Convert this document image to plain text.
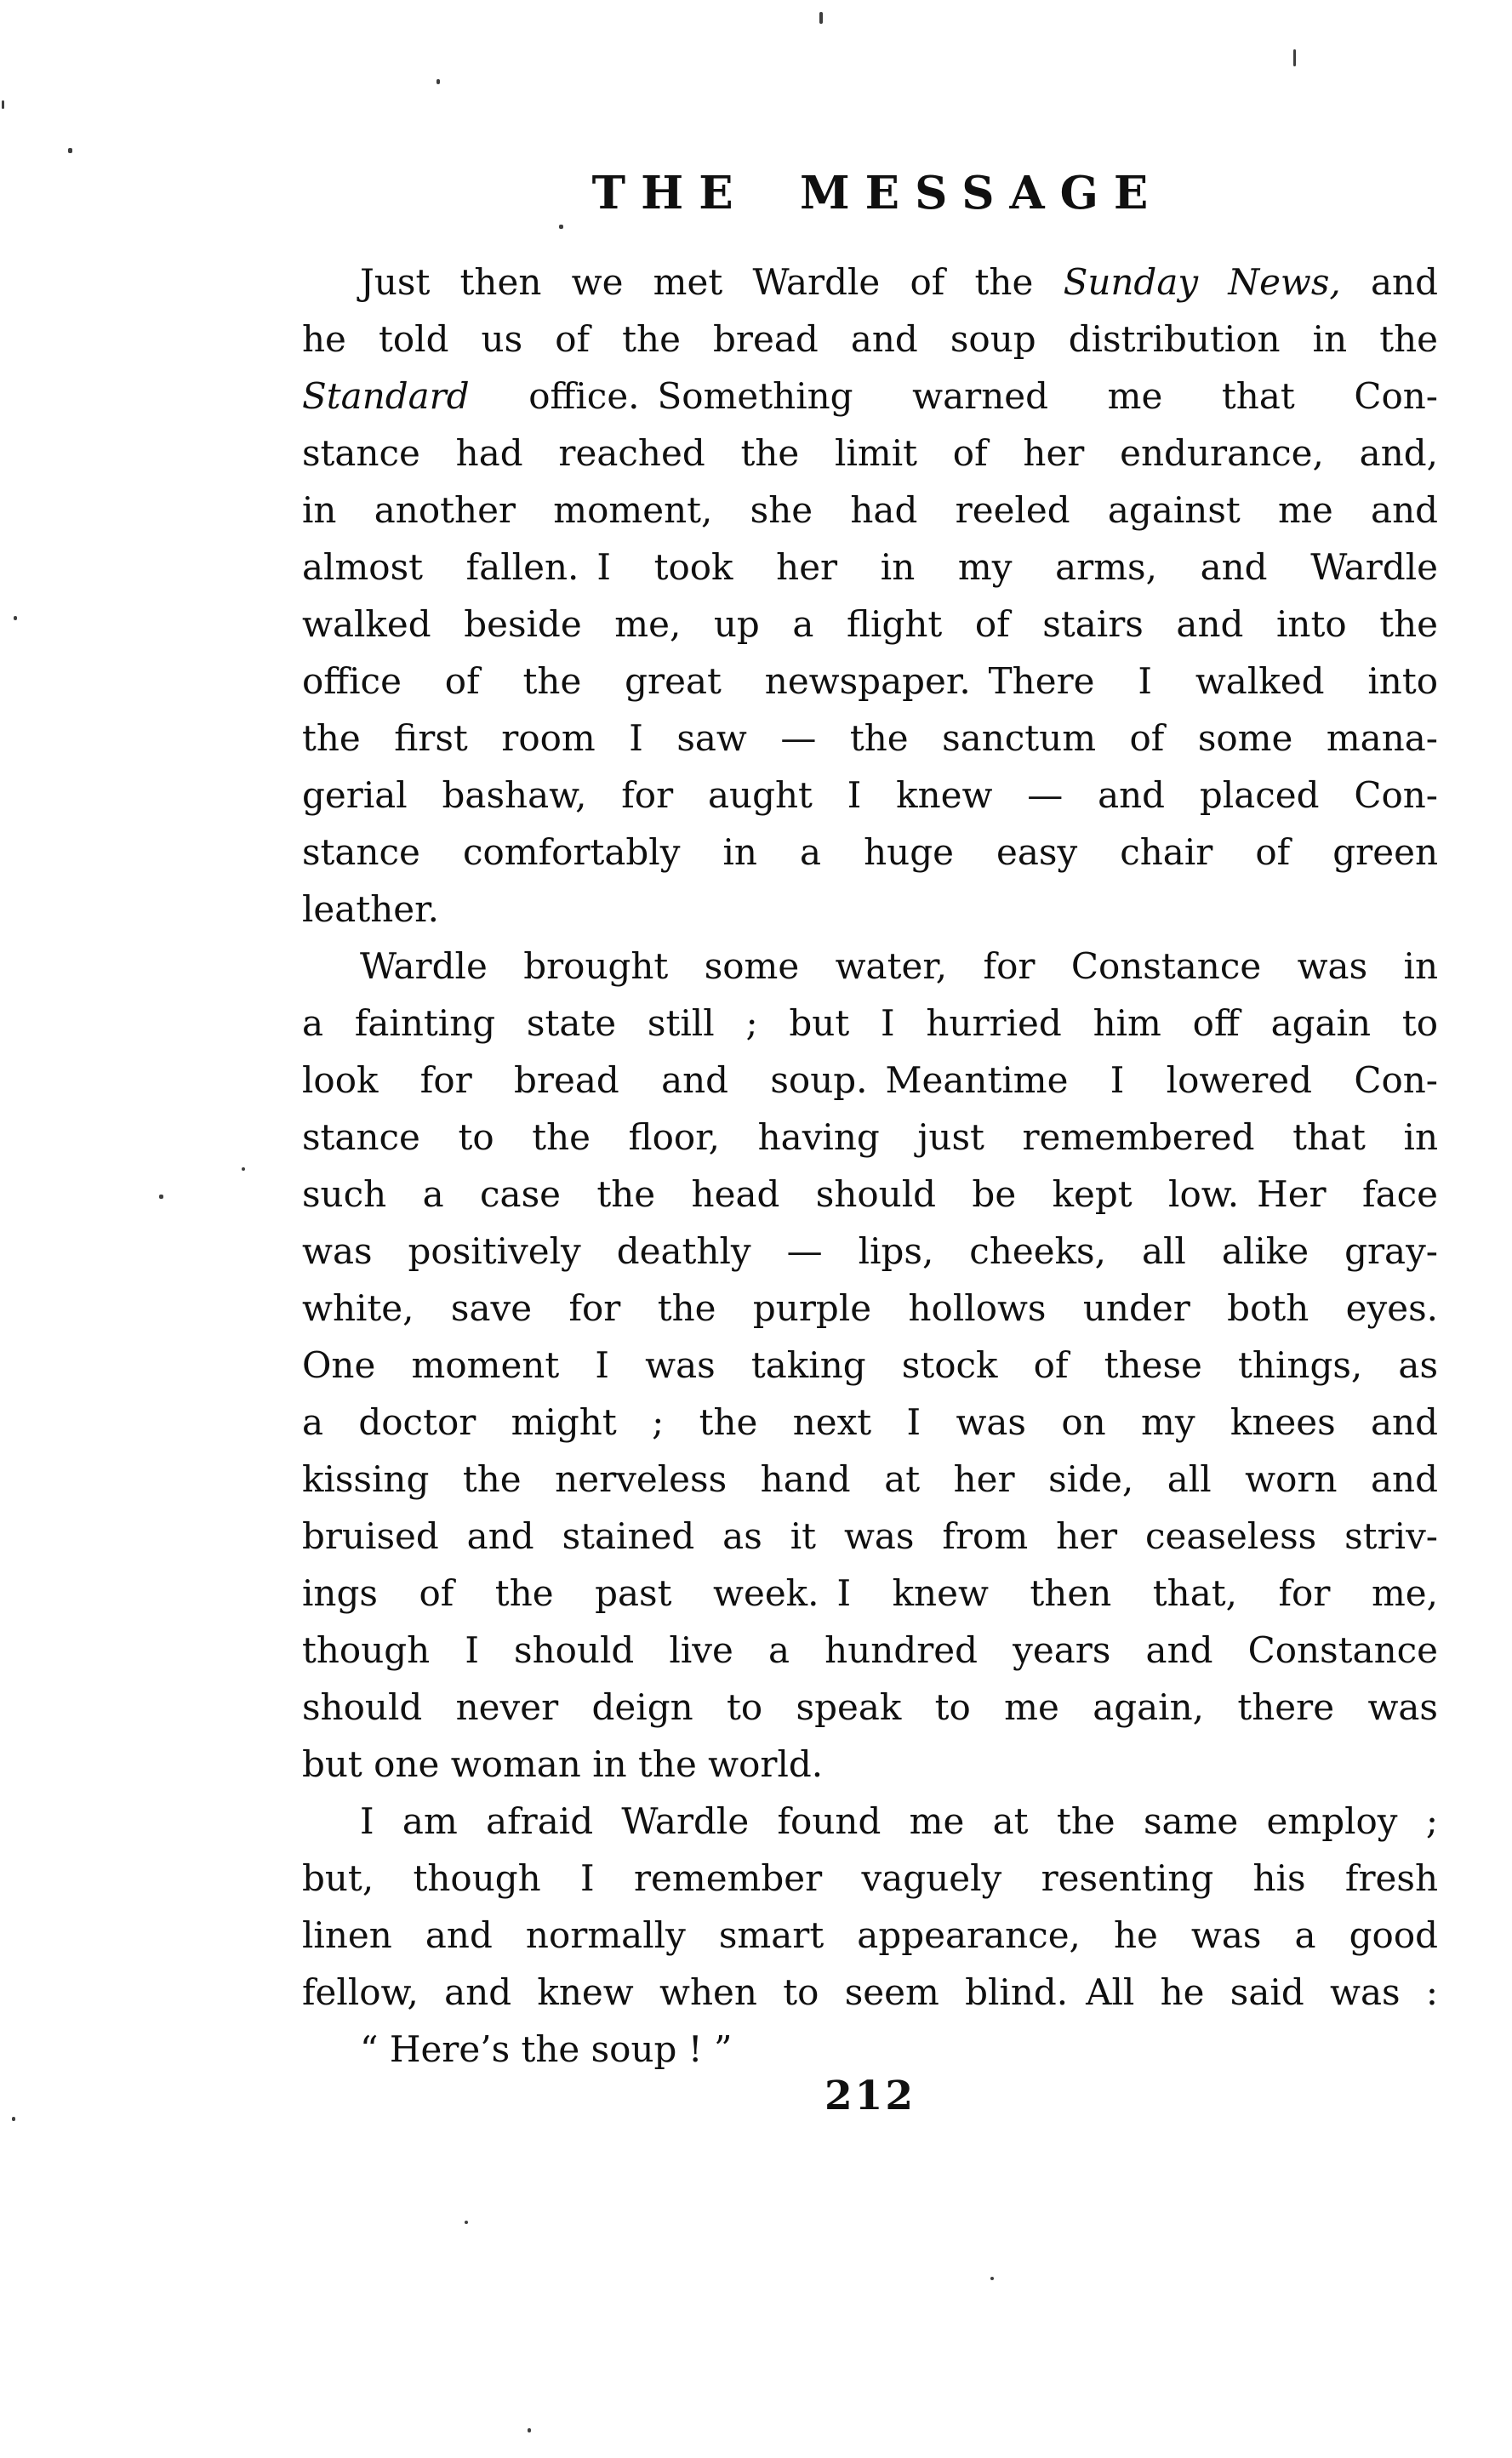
THE MESSAGE
Just then we met Wardle of the Sunday News, and
he told us of the bread and soup distribution in the
Standard office. Something warned me that Con-
stance had reached the limit of her endurance, and,
in another moment, she had reeled against me and
almost fallen. I took her in my arms, and Wardle
walked beside me, up a flight of stairs and into the
office of the great newspaper. There I walked into
the first room I saw — the sanctum of some mana-
gerial bashaw, for aught I knew — and placed Con-
stance comfortably in a huge easy chair of green
leather.
Wardle brought some water, for Constance was in
a fainting state still ; but I hurried him off again to
look for bread and soup. Meantime I lowered Con-
stance to the floor, having just remembered that in
such a case the head should be kept low. Her face
was positively deathly — lips, cheeks, all alike gray-
white, save for the purple hollows under both eyes.
One moment I was taking stock of these things, as
a doctor might ; the next I was on my knees and
kissing the nerveless hand at her side, all worn and
bruised and stained as it was from her ceaseless striv-
ings of the past week. I knew then that, for me,
though I should live a hundred years and Constance
should never deign to speak to me again, there was
but one woman in the world.
I am afraid Wardle found me at the same employ ;
but, though I remember vaguely resenting his fresh
linen and normally smart appearance, he was a good
fellow, and knew when to seem blind. All he said was :
“ Here’s the soup ! ”
212
